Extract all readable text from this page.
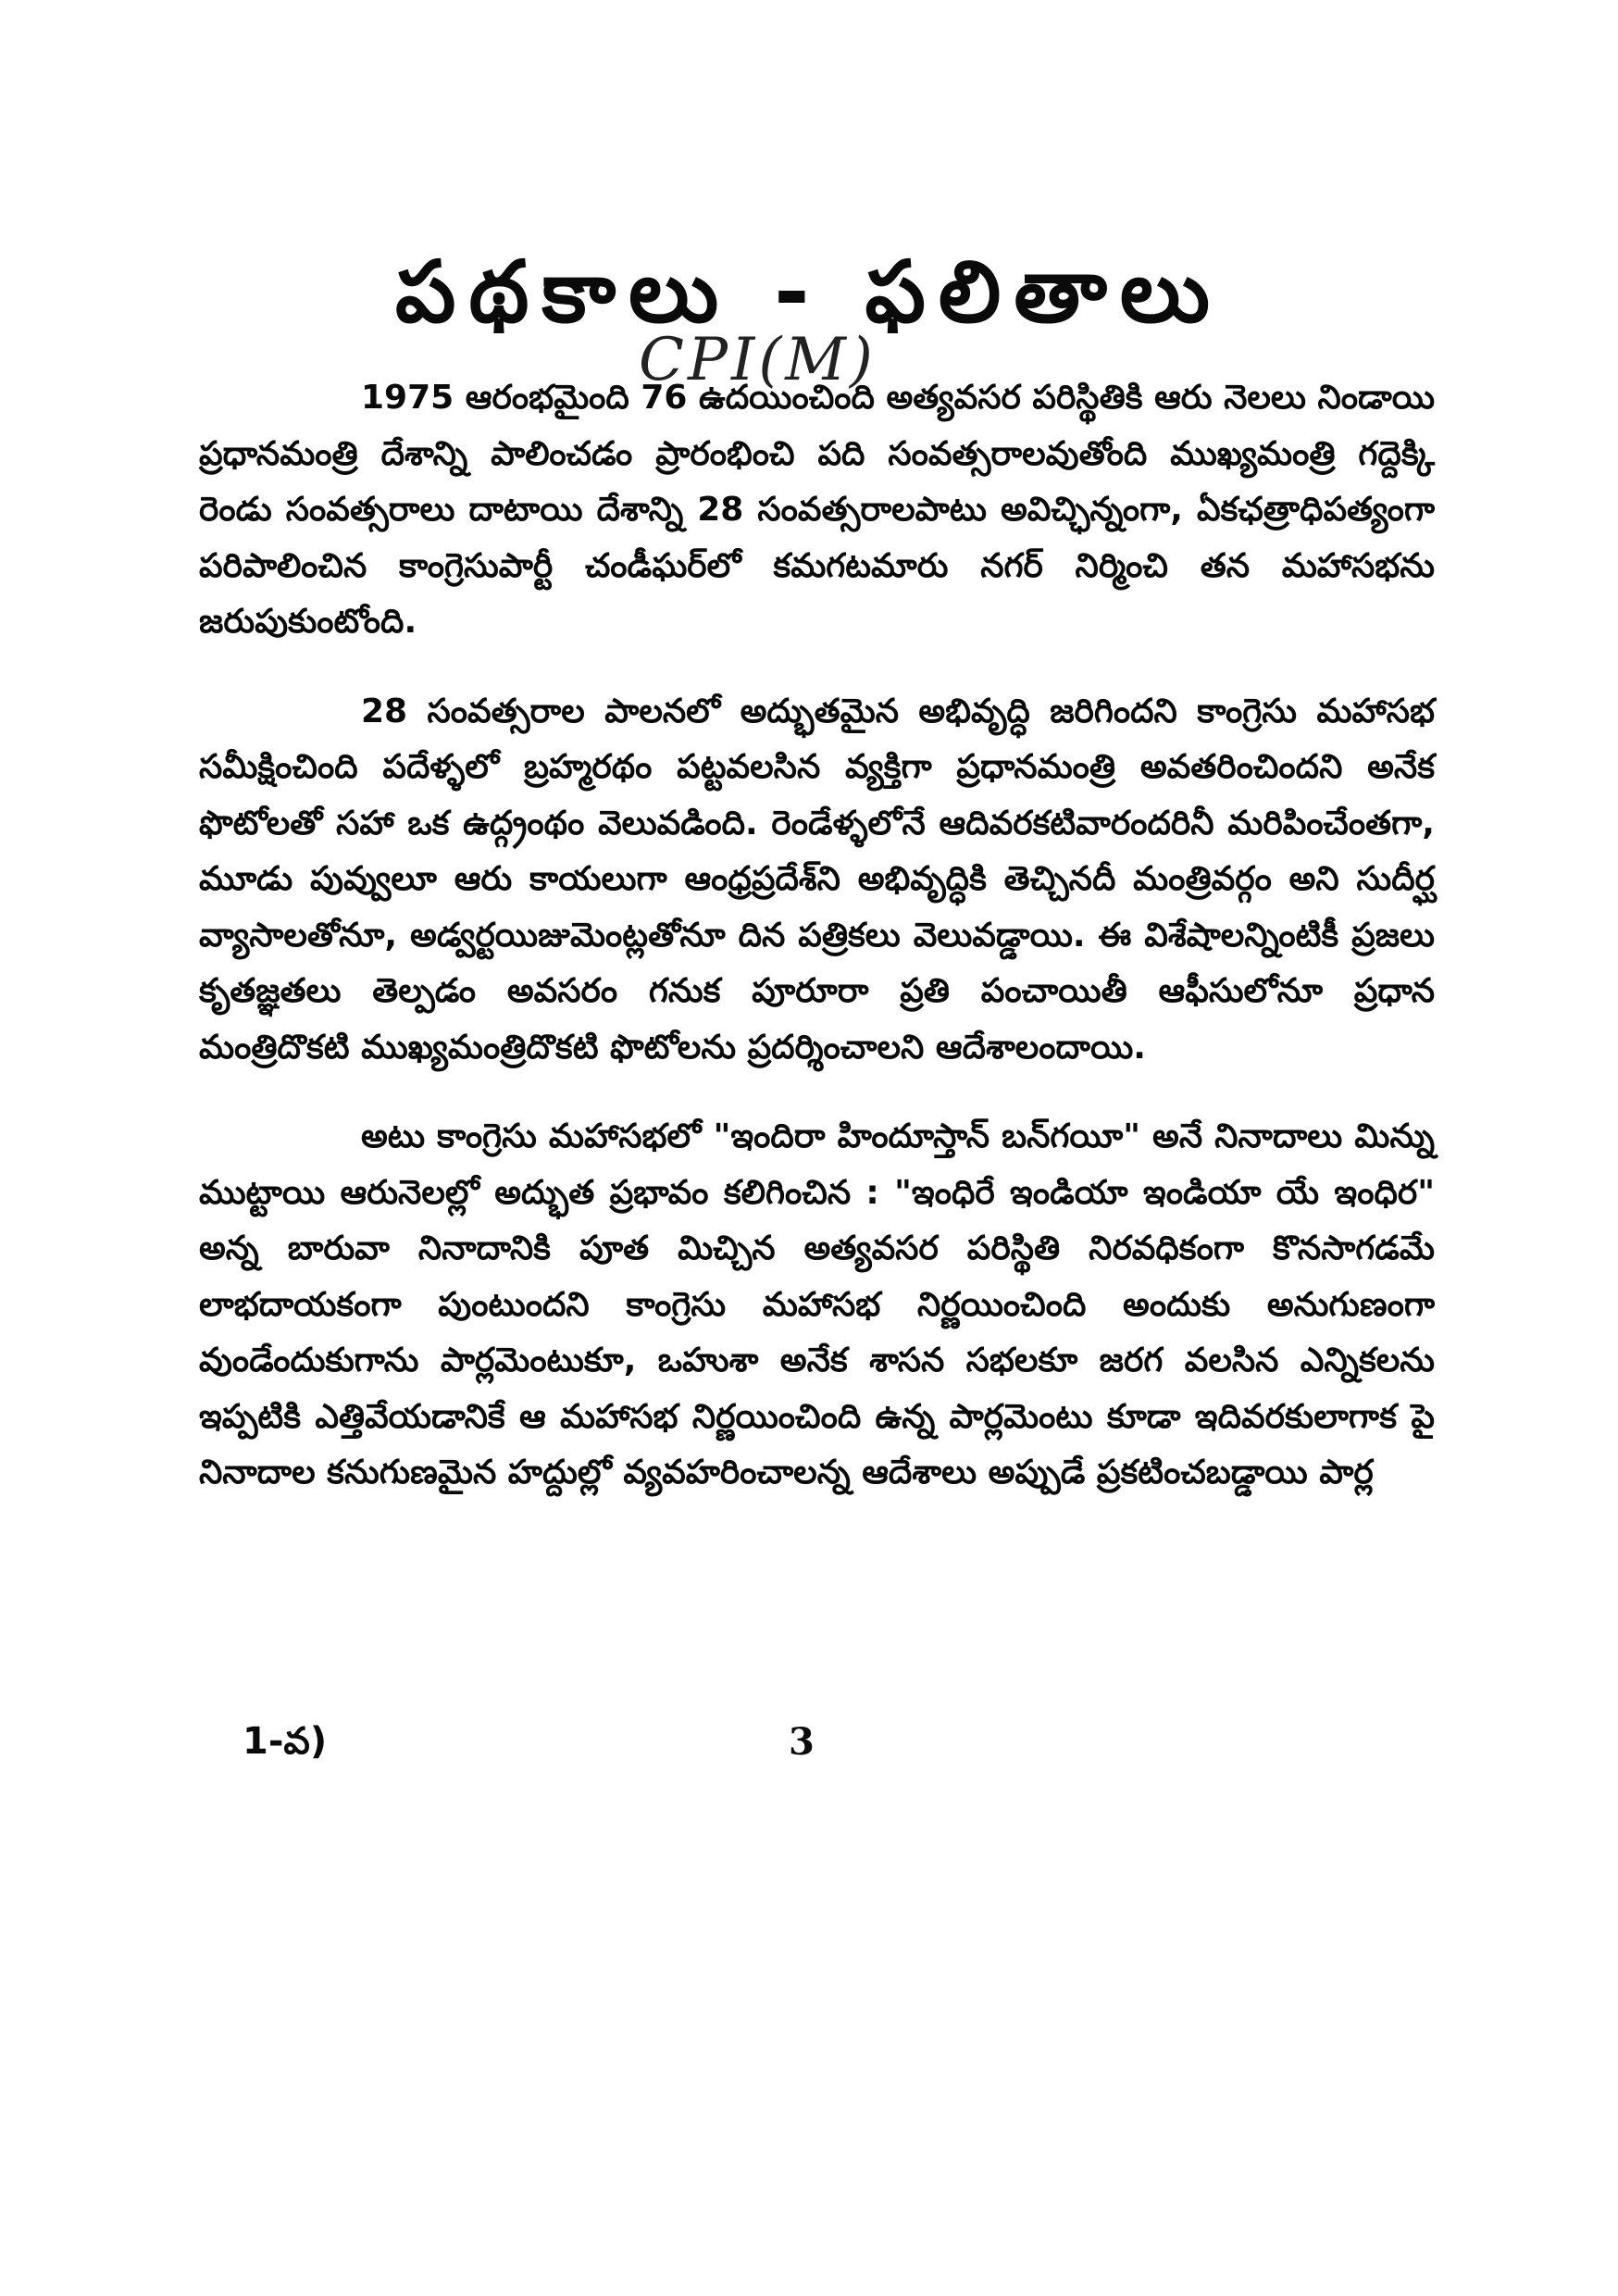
పథకాలు - ఫలితాలు
CPI(M)

1975 ఆరంభమైంది 76 ఉదయించింది అత్యవసర పరిస్థితికి ఆరు నెలలు నిండాయి ప్రధానమంత్రి దేశాన్ని పాలించడం ప్రారంభించి పది సంవత్సరాలవుతోంది ముఖ్యమంత్రి గద్దెక్కి రెండు సంవత్సరాలు దాటాయి దేశాన్ని 28 సంవత్సరాలపాటు అవిచ్ఛిన్నంగా, ఏకఛత్రాధిపత్యంగా పరిపాలించిన కాంగ్రెసుపార్టీ చండీఘర్‌లో కమగటమారు నగర్ నిర్మించి తన మహాసభను జరుపుకుంటోంది.

28 సంవత్సరాల పాలనలో అద్భుతమైన అభివృద్ధి జరిగిందని కాంగ్రెసు మహాసభ సమీక్షించింది పదేళ్ళలో బ్రహ్మరథం పట్టవలసిన వ్యక్తిగా ప్రధానమంత్రి అవతరించిందని అనేక ఫొటోలతో సహా ఒక ఉద్గ్రంథం వెలువడింది. రెండేళ్ళలోనే ఆదివరకటివారందరినీ మరిపించేంతగా, మూడు పువ్వులూ ఆరు కాయలుగా ఆంధ్రప్రదేశ్‌ని అభివృద్ధికి తెచ్చినదీ మంత్రివర్గం అని సుదీర్ఘ వ్యాసాలతోనూ, అడ్వర్టయిజుమెంట్లతోనూ దిన పత్రికలు వెలువడ్డాయి. ఈ విశేషాలన్నింటికీ ప్రజలు కృతజ్ఞతలు తెల్పడం అవసరం గనుక పూరూరా ప్రతి పంచాయితీ ఆఫీసులోనూ ప్రధాన మంత్రిదొకటి ముఖ్యమంత్రిదొకటి ఫొటోలను ప్రదర్శించాలని ఆదేశాలందాయి.

అటు కాంగ్రెసు మహాసభలో "ఇందిరా హిందూస్తాన్ బన్‌గయీ" అనే నినాదాలు మిన్ను ముట్టాయి ఆరునెలల్లో అద్భుత ప్రభావం కలిగించిన : "ఇంధిరే ఇండియా ఇండియా యే ఇంధిర" అన్న బారువా నినాదానికి పూత మిచ్చిన అత్యవసర పరిస్థితి నిరవధికంగా కొనసాగడమే లాభదాయకంగా పుంటుందని కాంగ్రెసు మహాసభ నిర్ణయించింది అందుకు అనుగుణంగా వుండేందుకుగాను పార్లమెంటుకూ, ఒహుశా అనేక శాసన సభలకూ జరగ వలసిన ఎన్నికలను ఇప్పటికి ఎత్తివేయడానికే ఆ మహాసభ నిర్ణయించింది ఉన్న పార్లమెంటు కూడా ఇదివరకులాగాక పై నినాదాల కనుగుణమైన హద్దుల్లో వ్యవహరించాలన్న ఆదేశాలు అప్పుడే ప్రకటించబడ్డాయి పార్ల

1-వ)	3
